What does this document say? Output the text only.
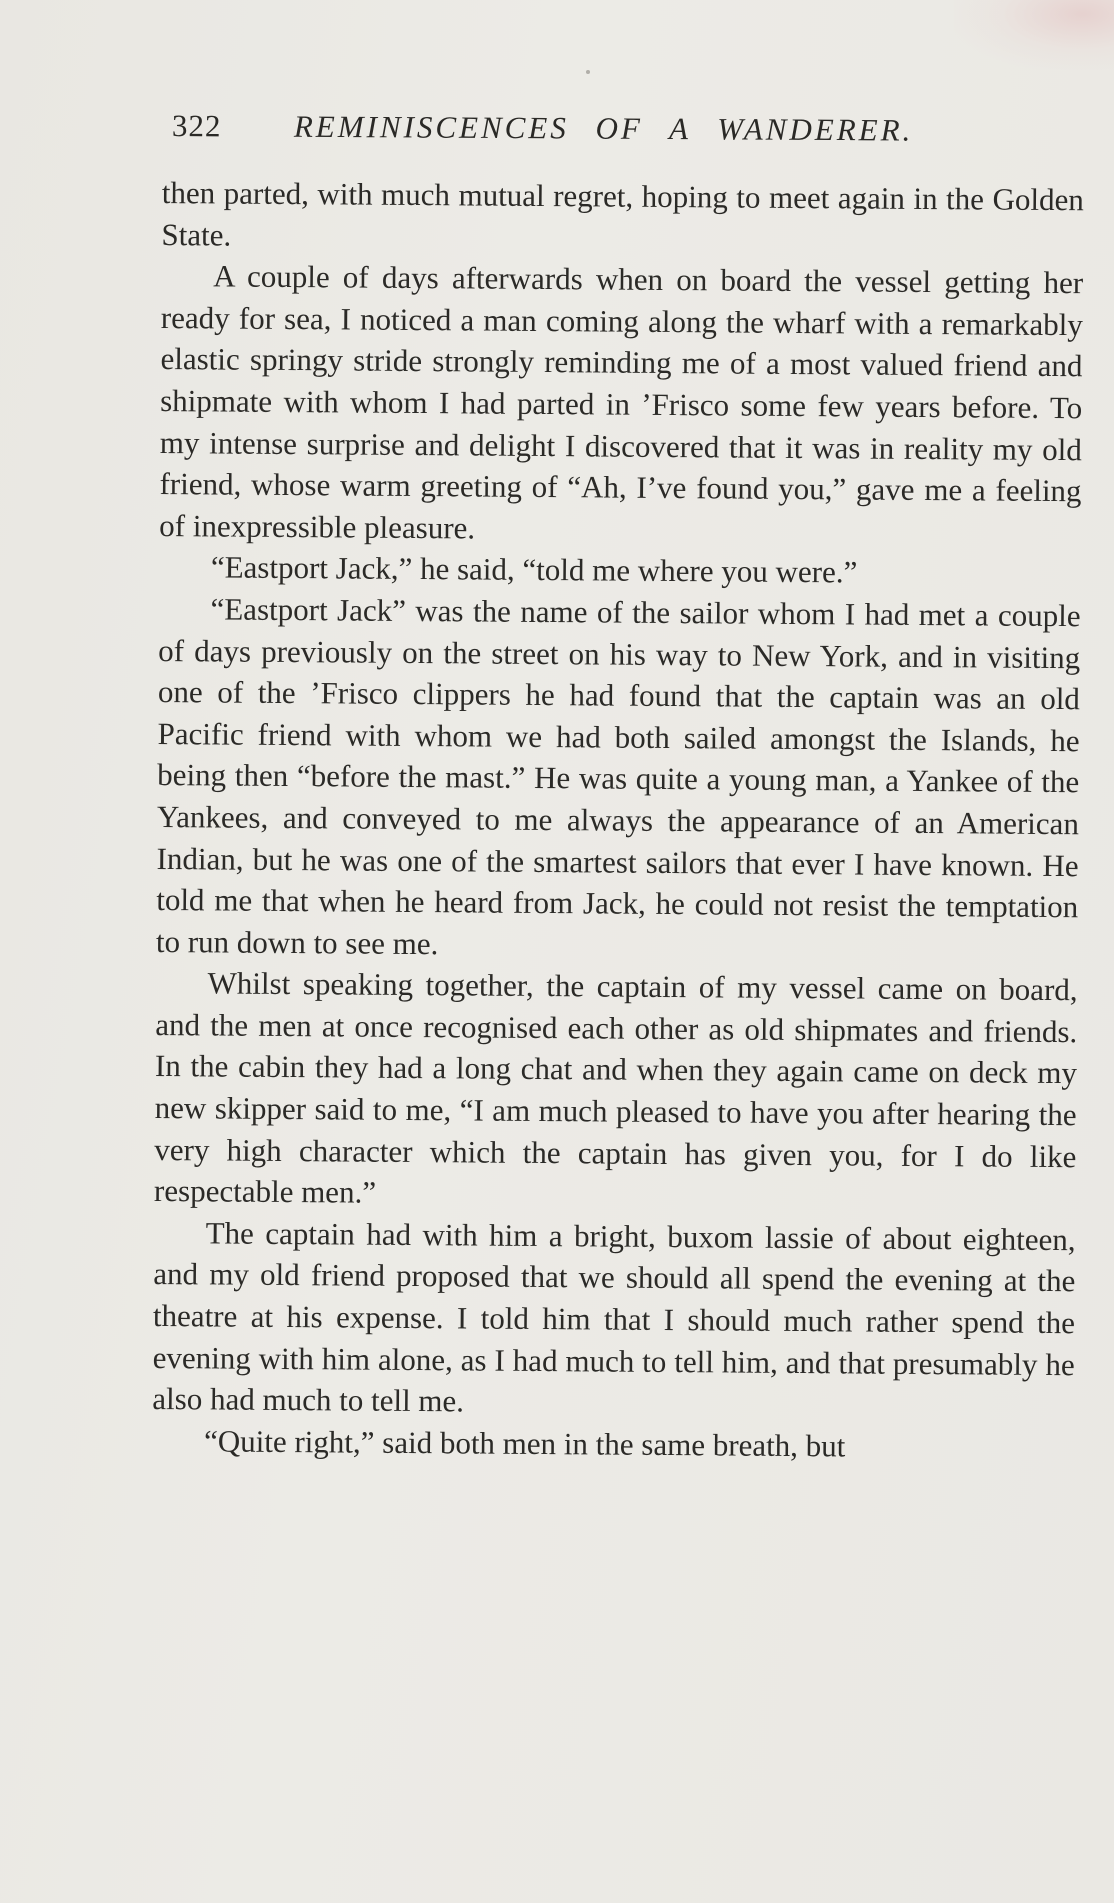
322 REMINISCENCES OF A WANDERER.

then parted, with much mutual regret, hoping to meet again in the Golden State.

A couple of days afterwards when on board the vessel getting her ready for sea, I noticed a man coming along the wharf with a remarkably elastic springy stride strongly reminding me of a most valued friend and shipmate with whom I had parted in ’Frisco some few years before. To my intense surprise and delight I discovered that it was in reality my old friend, whose warm greeting of “Ah, I’ve found you,” gave me a feeling of inexpressible pleasure.

“Eastport Jack,” he said, “told me where you were.”

“Eastport Jack” was the name of the sailor whom I had met a couple of days previously on the street on his way to New York, and in visiting one of the ’Frisco clippers he had found that the captain was an old Pacific friend with whom we had both sailed amongst the Islands, he being then “before the mast.” He was quite a young man, a Yankee of the Yankees, and conveyed to me always the appearance of an American Indian, but he was one of the smartest sailors that ever I have known. He told me that when he heard from Jack, he could not resist the temptation to run down to see me.

Whilst speaking together, the captain of my vessel came on board, and the men at once recognised each other as old shipmates and friends. In the cabin they had a long chat and when they again came on deck my new skipper said to me, “I am much pleased to have you after hearing the very high character which the captain has given you, for I do like respectable men.”

The captain had with him a bright, buxom lassie of about eighteen, and my old friend proposed that we should all spend the evening at the theatre at his expense. I told him that I should much rather spend the evening with him alone, as I had much to tell him, and that presumably he also had much to tell me.

“Quite right,” said both men in the same breath, but
